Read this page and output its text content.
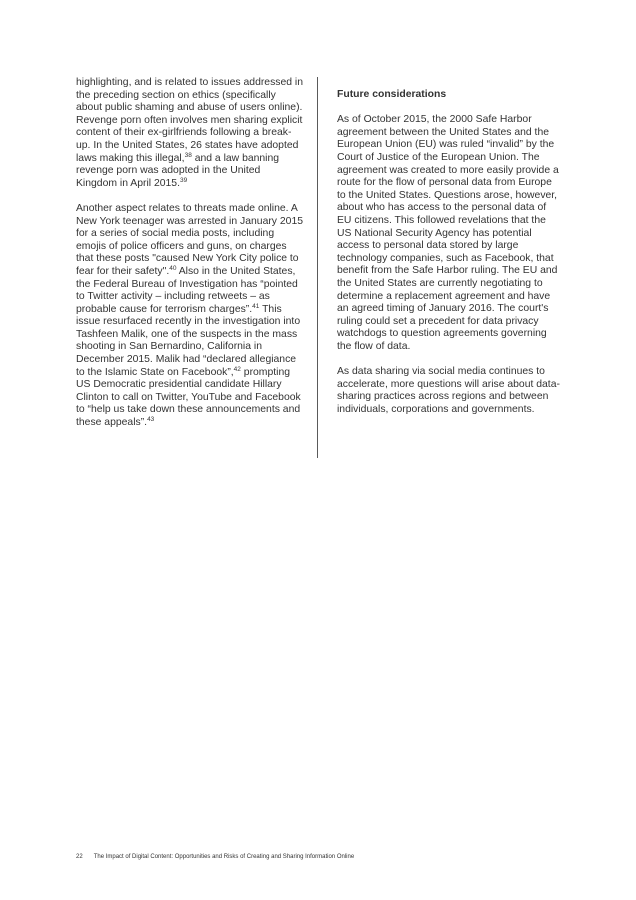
highlighting, and is related to issues addressed in the preceding section on ethics (specifically about public shaming and abuse of users online). Revenge porn often involves men sharing explicit content of their ex-girlfriends following a break-up. In the United States, 26 states have adopted laws making this illegal,$^{38}$ and a law banning revenge porn was adopted in the United Kingdom in April 2015.39

Another aspect relates to threats made online. A New York teenager was arrested in January 2015 for a series of social media posts, including emojis of police officers and guns, on charges that these posts "caused New York City police to fear for their safety".$^{40}$ Also in the United States, the Federal Bureau of Investigation has “pointed to Twitter activity – including retweets – as probable cause for terrorism charges”.$^{41}$ This issue resurfaced recently in the investigation into Tashfeen Malik, one of the suspects in the mass shooting in San Bernardino, California in December 2015. Malik had “declared allegiance to the Islamic State on Facebook”,$^{42}$ prompting US Democratic presidential candidate Hillary Clinton to call on Twitter, YouTube and Facebook to “help us take down these announcements and these appeals”.$^{43}$

Future considerations

As of October 2015, the 2000 Safe Harbor agreement between the United States and the European Union (EU) was ruled “invalid” by the Court of Justice of the European Union. The agreement was created to more easily provide a route for the flow of personal data from Europe to the United States. Questions arose, however, about who has access to the personal data of EU citizens. This followed revelations that the US National Security Agency has potential access to personal data stored by large technology companies, such as Facebook, that benefit from the Safe Harbor ruling. The EU and the United States are currently negotiating to determine a replacement agreement and have an agreed timing of January 2016. The court's ruling could set a precedent for data privacy watchdogs to question agreements governing the flow of data.

As data sharing via social media continues to accelerate, more questions will arise about data-sharing practices across regions and between individuals, corporations and governments.

22 The Impact of Digital Content: Opportunities and Risks of Creating and Sharing Information Online
